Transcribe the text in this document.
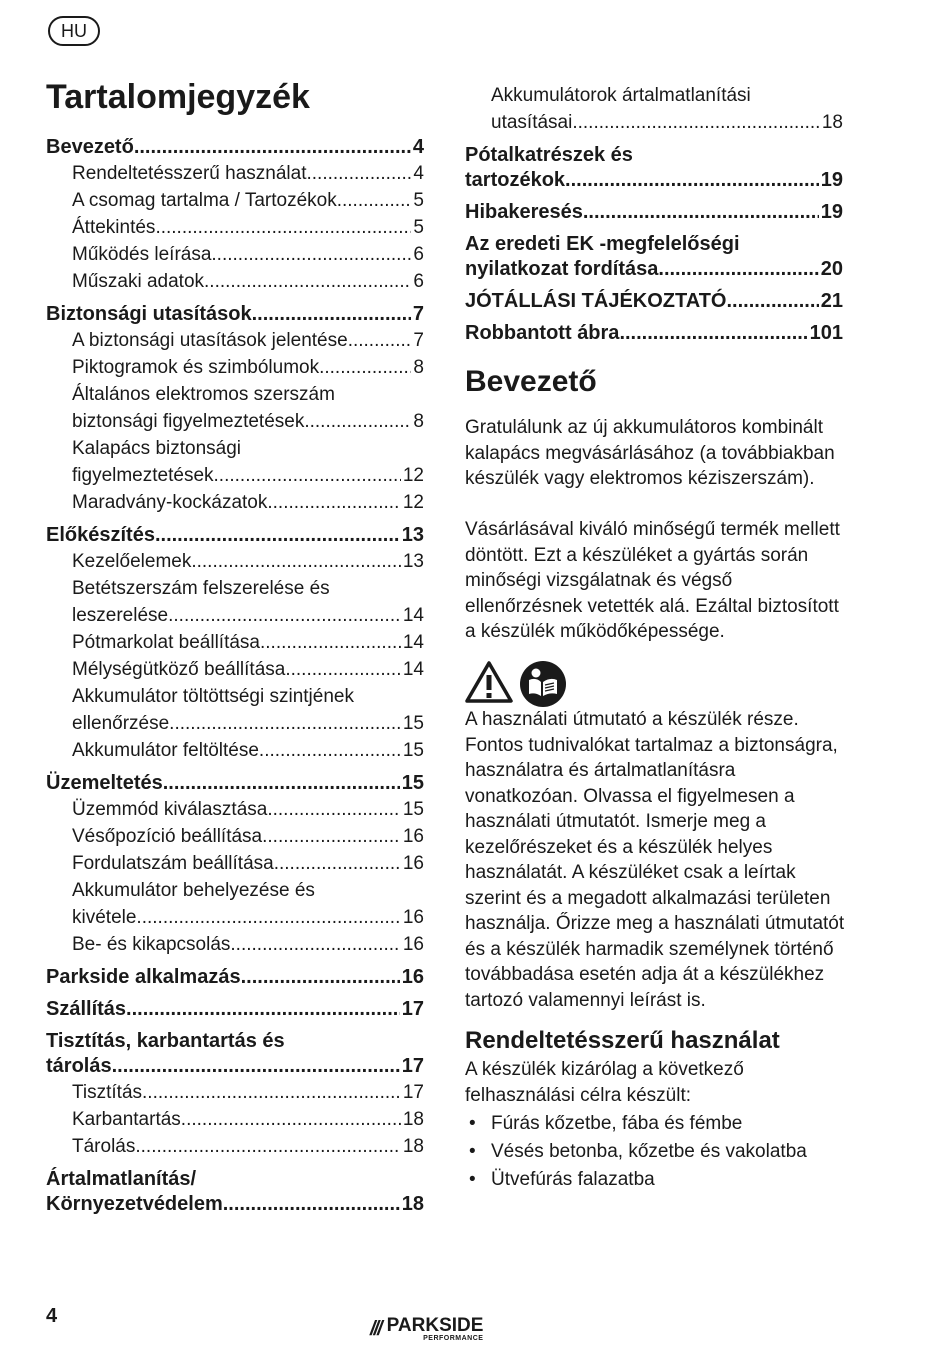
HU
Tartalomjegyzék
Bevezető .....	4
Rendeltetésszerű használat .....	4
A csomag tartalma / Tartozékok .....	5
Áttekintés .....	5
Működés leírása .....	6
Műszaki adatok .....	6
Biztonsági utasítások .....	7
A biztonsági utasítások jelentése .....	7
Piktogramok és szimbólumok .....	8
Általános elektromos szerszám
biztonsági figyelmeztetések .....	8
Kalapács biztonsági
figyelmeztetések .....	12
Maradvány-kockázatok .....	12
Előkészítés .....	13
Kezelőelemek .....	13
Betétszerszám felszerelése és
leszerelése .....	14
Pótmarkolat beállítása .....	14
Mélységütköző beállítása .....	14
Akkumulátor töltöttségi szintjének
ellenőrzése .....	15
Akkumulátor feltöltése .....	15
Üzemeltetés .....	15
Üzemmód kiválasztása .....	15
Vésőpozíció beállítása .....	16
Fordulatszám beállítása .....	16
Akkumulátor behelyezése és
kivétele .....	16
Be- és kikapcsolás .....	16
Parkside alkalmazás .....	16
Szállítás .....	17
Tisztítás, karbantartás és
tárolás .....	17
Tisztítás .....	17
Karbantartás .....	18
Tárolás .....	18
Ártalmatlanítás/
Környezetvédelem .....	18
Akkumulátorok ártalmatlanítási
utasításai .....	18
Pótalkatrészek és
tartozékok .....	19
Hibakeresés .....	19
Az eredeti EK -megfelelőségi
nyilatkozat fordítása .....	20
JÓTÁLLÁSI TÁJÉKOZTATÓ .....	21
Robbantott ábra .....	101
Bevezető

Gratulálunk az új akkumulátoros kombinált kalapács megvásárlásához (a továbbiakban készülék vagy elektromos kéziszerszám).

Vásárlásával kiváló minőségű termék mellett döntött. Ezt a készüléket a gyártás során minőségi vizsgálatnak és végső ellenőrzésnek vetették alá. Ezáltal biztosított a készülék működőképessége.

A használati útmutató a készülék része. Fontos tudnivalókat tartalmaz a biztonságra, használatra és ártalmatlanításra vonatkozóan. Olvassa el figyelmesen a használati útmutatót. Ismerje meg a kezelőrészeket és a készülék helyes használatát. A készüléket csak a leírtak szerint és a megadott alkalmazási területen használja. Őrizze meg a használati útmutatót és a készülék harmadik személynek történő továbbadása esetén adja át a készülékhez tartozó valamennyi leírást is.

Rendeltetésszerű használat

A készülék kizárólag a következő felhasználási célra készült:

• Fúrás kőzetbe, fába és fémbe
• Vésés betonba, kőzetbe és vakolatba
• Ütvefúrás falazatba
4
/// PARKSIDE
PERFORMANCE
